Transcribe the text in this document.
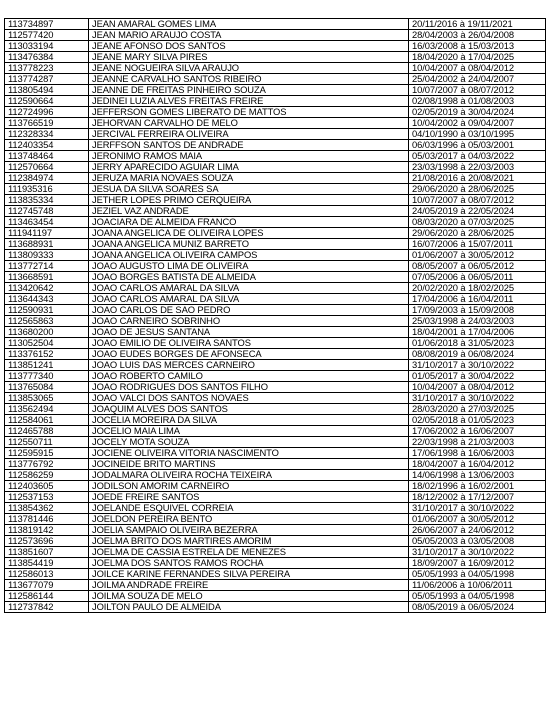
113734897	JEAN AMARAL GOMES LIMA	20/11/2016 à 19/11/2021
112577420	JEAN MARIO ARAUJO COSTA	28/04/2003 à 26/04/2008
113033194	JEANE AFONSO DOS SANTOS	16/03/2008 à 15/03/2013
113476384	JEANE MARY SILVA PIRES	18/04/2020 à 17/04/2025
113778223	JEANE NOGUEIRA SILVA ARAUJO	10/04/2007 à 08/04/2012
113774287	JEANNE CARVALHO SANTOS RIBEIRO	25/04/2002 à 24/04/2007
113805494	JEANNE DE FREITAS PINHEIRO SOUZA	10/07/2007 à 08/07/2012
112590664	JEDINEI LUZIA ALVES FREITAS FREIRE	02/08/1998 à 01/08/2003
112724996	JEFFERSON GOMES LIBERATO DE MATTOS	02/05/2019 à 30/04/2024
113766519	JEHORVAN CARVALHO DE MELO	10/04/2002 à 09/04/2007
112328334	JERCIVAL FERREIRA OLIVEIRA	04/10/1990 à 03/10/1995
112403354	JERFFSON SANTOS DE ANDRADE	06/03/1996 à 05/03/2001
113748464	JERONIMO RAMOS MAIA	05/03/2017 à 04/03/2022
112570664	JERRY APARECIDO AGUIAR LIMA	23/03/1998 à 22/03/2003
112384974	JERUZA MARIA NOVAES SOUZA	21/08/2016 à 20/08/2021
111935316	JESUA DA SILVA SOARES SA	29/06/2020 à 28/06/2025
113835334	JETHER LOPES PRIMO CERQUEIRA	10/07/2007 à 08/07/2012
112745748	JEZIEL VAZ ANDRADE	24/05/2019 à 22/05/2024
113463454	JOACIARA DE ALMEIDA FRANCO	08/03/2020 à 07/03/2025
111941197	JOANA ANGELICA DE OLIVEIRA LOPES	29/06/2020 à 28/06/2025
113688931	JOANA ANGELICA MUNIZ BARRETO	16/07/2006 à 15/07/2011
113809333	JOANA ANGELICA OLIVEIRA CAMPOS	01/06/2007 à 30/05/2012
113772714	JOAO AUGUSTO LIMA DE OLIVEIRA	08/05/2007 à 06/05/2012
113668591	JOAO BORGES BATISTA DE ALMEIDA	07/05/2006 à 06/05/2011
113420642	JOAO CARLOS AMARAL DA SILVA	20/02/2020 à 18/02/2025
113644343	JOAO CARLOS AMARAL DA SILVA	17/04/2006 à 16/04/2011
112590931	JOAO CARLOS DE SAO PEDRO	17/09/2003 à 15/09/2008
112565863	JOAO CARNEIRO SOBRINHO	25/03/1998 à 24/03/2003
113680200	JOAO DE JESUS SANTANA	18/04/2001 à 17/04/2006
113052504	JOAO EMILIO DE OLIVEIRA SANTOS	01/06/2018 à 31/05/2023
113376152	JOAO EUDES BORGES DE AFONSECA	08/08/2019 à 06/08/2024
113851241	JOAO LUIS DAS MERCES CARNEIRO	31/10/2017 à 30/10/2022
113777340	JOAO ROBERTO CAMILO	01/05/2017 à 30/04/2022
113765084	JOAO RODRIGUES DOS SANTOS FILHO	10/04/2007 à 08/04/2012
113853065	JOAO VALCI DOS SANTOS NOVAES	31/10/2017 à 30/10/2022
113562494	JOAQUIM ALVES DOS SANTOS	28/03/2020 à 27/03/2025
112584061	JOCELIA MOREIRA DA SILVA	02/05/2018 à 01/05/2023
112465788	JOCELIO MAIA LIMA	17/06/2002 à 16/06/2007
112550711	JOCELY MOTA SOUZA	22/03/1998 à 21/03/2003
112595915	JOCIENE OLIVEIRA VITORIA NASCIMENTO	17/06/1998 à 16/06/2003
113776792	JOCINEIDE BRITO MARTINS	18/04/2007 à 16/04/2012
112586259	JODALMARA OLIVEIRA ROCHA TEIXEIRA	14/06/1998 à 13/06/2003
112403605	JODILSON AMORIM CARNEIRO	18/02/1996 à 16/02/2001
112537153	JOEDE FREIRE SANTOS	18/12/2002 à 17/12/2007
113854362	JOELANDE ESQUIVEL CORREIA	31/10/2017 à 30/10/2022
113781446	JOELDON PEREIRA BENTO	01/06/2007 à 30/05/2012
113819142	JOELIA SAMPAIO OLIVEIRA BEZERRA	26/06/2007 à 24/06/2012
112573696	JOELMA BRITO DOS MARTIRES AMORIM	05/05/2003 à 03/05/2008
113851607	JOELMA DE CASSIA ESTRELA DE MENEZES	31/10/2017 à 30/10/2022
113854419	JOELMA DOS SANTOS RAMOS ROCHA	18/09/2007 à 16/09/2012
112586013	JOILCE KARINE FERNANDES SILVA PEREIRA	05/05/1993 à 04/05/1998
113677079	JOILMA ANDRADE FREIRE	11/06/2006 à 10/06/2011
112586144	JOILMA SOUZA DE MELO	05/05/1993 à 04/05/1998
112737842	JOILTON PAULO DE ALMEIDA	08/05/2019 à 06/05/2024
